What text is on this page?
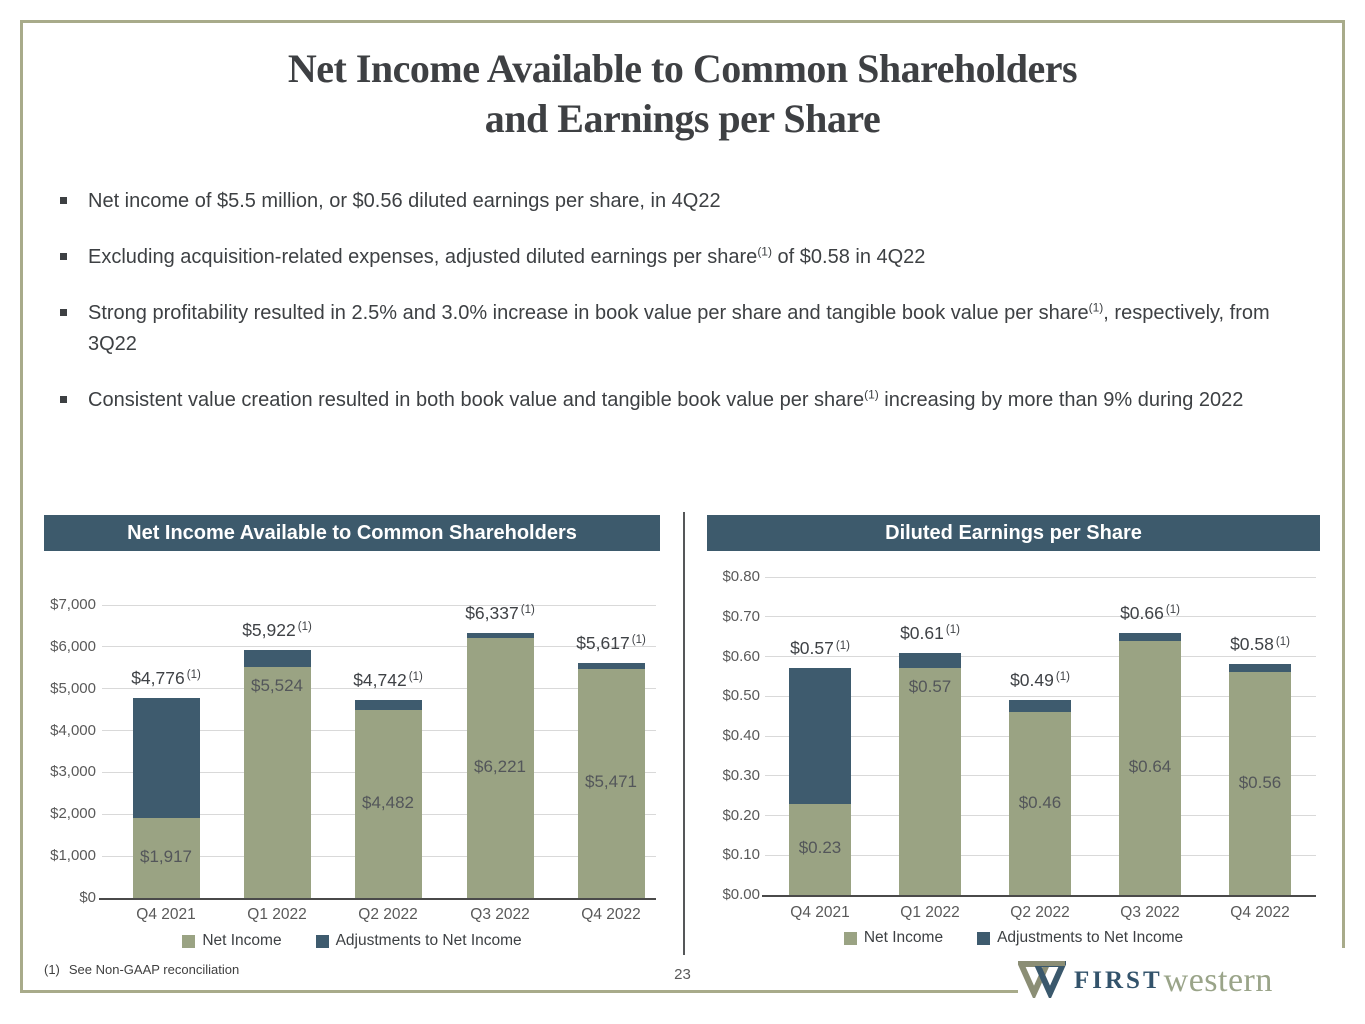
Net Income Available to Common Shareholders
and Earnings per Share
Net income of $5.5 million, or $0.56 diluted earnings per share, in 4Q22
Excluding acquisition-related expenses, adjusted diluted earnings per share$^{(1)}$ of $0.58 in 4Q22
Strong profitability resulted in 2.5% and 3.0% increase in book value per share and tangible book value per share$^{(1)}$, respectively, from 3Q22
Consistent value creation resulted in both book value and tangible book value per share$^{(1)}$ increasing by more than 9% during 2022
Net Income Available to Common Shareholders
$0
$1,000
$2,000
$3,000
$4,000
$5,000
$6,000
$7,000
$1,917
$4,776 $^{(1)}$
Q4 2021
$5,524
$5,922 $^{(1)}$
Q1 2022
$4,482
$4,742 $^{(1)}$
Q2 2022
$6,221
$6,337 $^{(1)}$
Q3 2022
$5,471
$5,617 $^{(1)}$
Q4 2022
Net Income	Adjustments to Net Income
Diluted Earnings per Share
$0.00
$0.10
$0.20
$0.30
$0.40
$0.50
$0.60
$0.70
$0.80
$0.23
$0.57 $^{(1)}$
Q4 2021
$0.57
$0.61 $^{(1)}$
Q1 2022
$0.46
$0.49 $^{(1)}$
Q2 2022
$0.64
$0.66 $^{(1)}$
Q3 2022
$0.56
$0.58 $^{(1)}$
Q4 2022
Net Income	Adjustments to Net Income
(1) See Non-GAAP reconciliation	23	FIRST western
